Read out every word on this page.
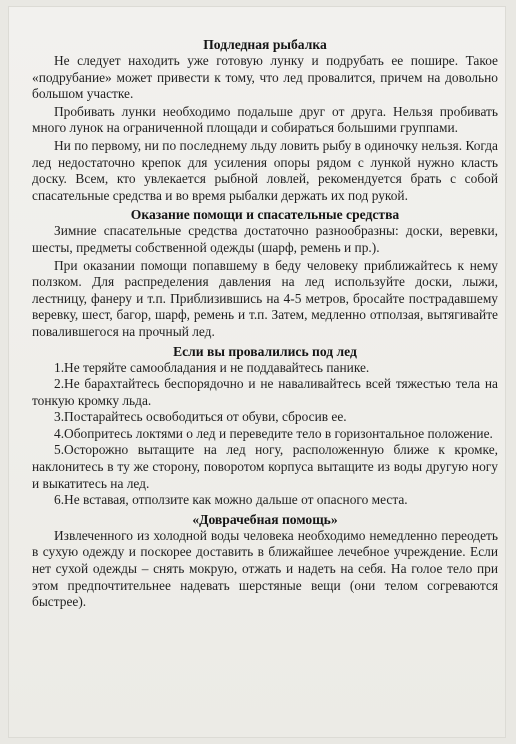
Подледная рыбалка

Не следует находить уже готовую лунку и подрубать ее пошире. Такое «подрубание» может привести к тому, что лед провалится, причем на довольно большом участке.

Пробивать лунки необходимо подальше друг от друга. Нельзя пробивать много лунок на ограниченной площади и собираться большими группами.

Ни по первому, ни по последнему льду ловить рыбу в одиночку нельзя. Когда лед недостаточно крепок для усиления опоры рядом с лункой нужно класть доску. Всем, кто увлекается рыбной ловлей, рекомендуется брать с собой спасательные средства и во время рыбалки держать их под рукой.

Оказание помощи и спасательные средства

Зимние спасательные средства достаточно разнообразны: доски, веревки, шесты, предметы собственной одежды (шарф, ремень и пр.).

При оказании помощи попавшему в беду человеку приближайтесь к нему ползком. Для распределения давления на лед используйте доски, лыжи, лестницу, фанеру и т.п. Приблизившись на 4-5 метров, бросайте пострадавшему веревку, шест, багор, шарф, ремень и т.п. Затем, медленно отползая, вытягивайте повалившегося на прочный лед.

Если вы провалились под лед

1.Не теряйте самообладания и не поддавайтесь панике.

2.Не барахтайтесь беспорядочно и не наваливайтесь всей тяжестью тела на тонкую кромку льда.

3.Постарайтесь освободиться от обуви, сбросив ее.

4.Обопритесь локтями о лед и переведите тело в горизонтальное положение.

5.Осторожно вытащите на лед ногу, расположенную ближе к кромке, наклонитесь в ту же сторону, поворотом корпуса вытащите из воды другую ногу и выкатитесь на лед.

6.Не вставая, отползите как можно дальше от опасного места.

«Доврачебная помощь»

Извлеченного из холодной воды человека необходимо немедленно переодеть в сухую одежду и поскорее доставить в ближайшее лечебное учреждение. Если нет сухой одежды – снять мокрую, отжать и надеть на себя. На голое тело при этом предпочтительнее надевать шерстяные вещи (они телом согреваются быстрее).
